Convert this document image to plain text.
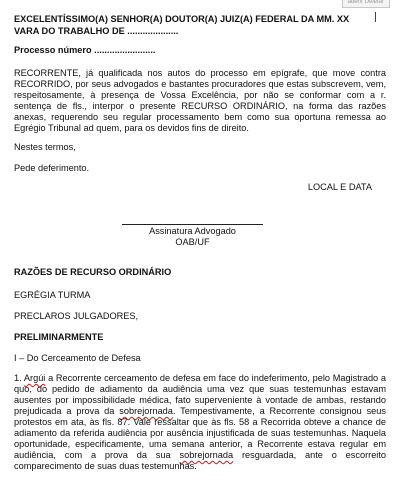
aderir Deletar
EXCELENTÍSSIMO(A) SENHOR(A) DOUTOR(A) JUIZ(A) FEDERAL DA MM. XX
VARA DO TRABALHO DE ....................
Processo número ........................
RECORRENTE, já qualificada nos autos do processo em epígrafe, que move contra RECORRIDO, por seus advogados e bastantes procuradores que estas subscrevem, vem, respeitosamente, à presença de Vossa Excelência, por não se conformar com a r. sentença de fls., interpor o presente RECURSO ORDINÁRIO, na forma das razões anexas, requerendo seu regular processamento bem como sua oportuna remessa ao Egrégio Tribunal ad quem, para os devidos fins de direito.
Nestes termos,
Pede deferimento.
LOCAL E DATA
Assinatura Advogado
OAB/UF
RAZÕES DE RECURSO ORDINÁRIO
EGRÉGIA TURMA
PRECLAROS JULGADORES,
PRELIMINARMENTE
I – Do Cerceamento de Defesa
1. Argúi a Recorrente cerceamento de defesa em face do indeferimento, pelo Magistrado a quo, do pedido de adiamento da audiência uma vez que suas testemunhas estavam ausentes por impossibilidade médica, fato superveniente à vontade de ambas, restando prejudicada a prova da sobrejornada. Tempestivamente, a Recorrente consignou seus protestos em ata, às fls. 87. Vale ressaltar que às fls. 58 a Recorrida obteve a chance de adiamento da referida audiência por ausência injustificada de suas testemunhas. Naquela oportunidade, especificamente, uma semana anterior, a Recorrente estava regular em audiência, com a prova da sua sobrejornada resguardada, ante o escorreito comparecimento de suas duas testemunhas.
